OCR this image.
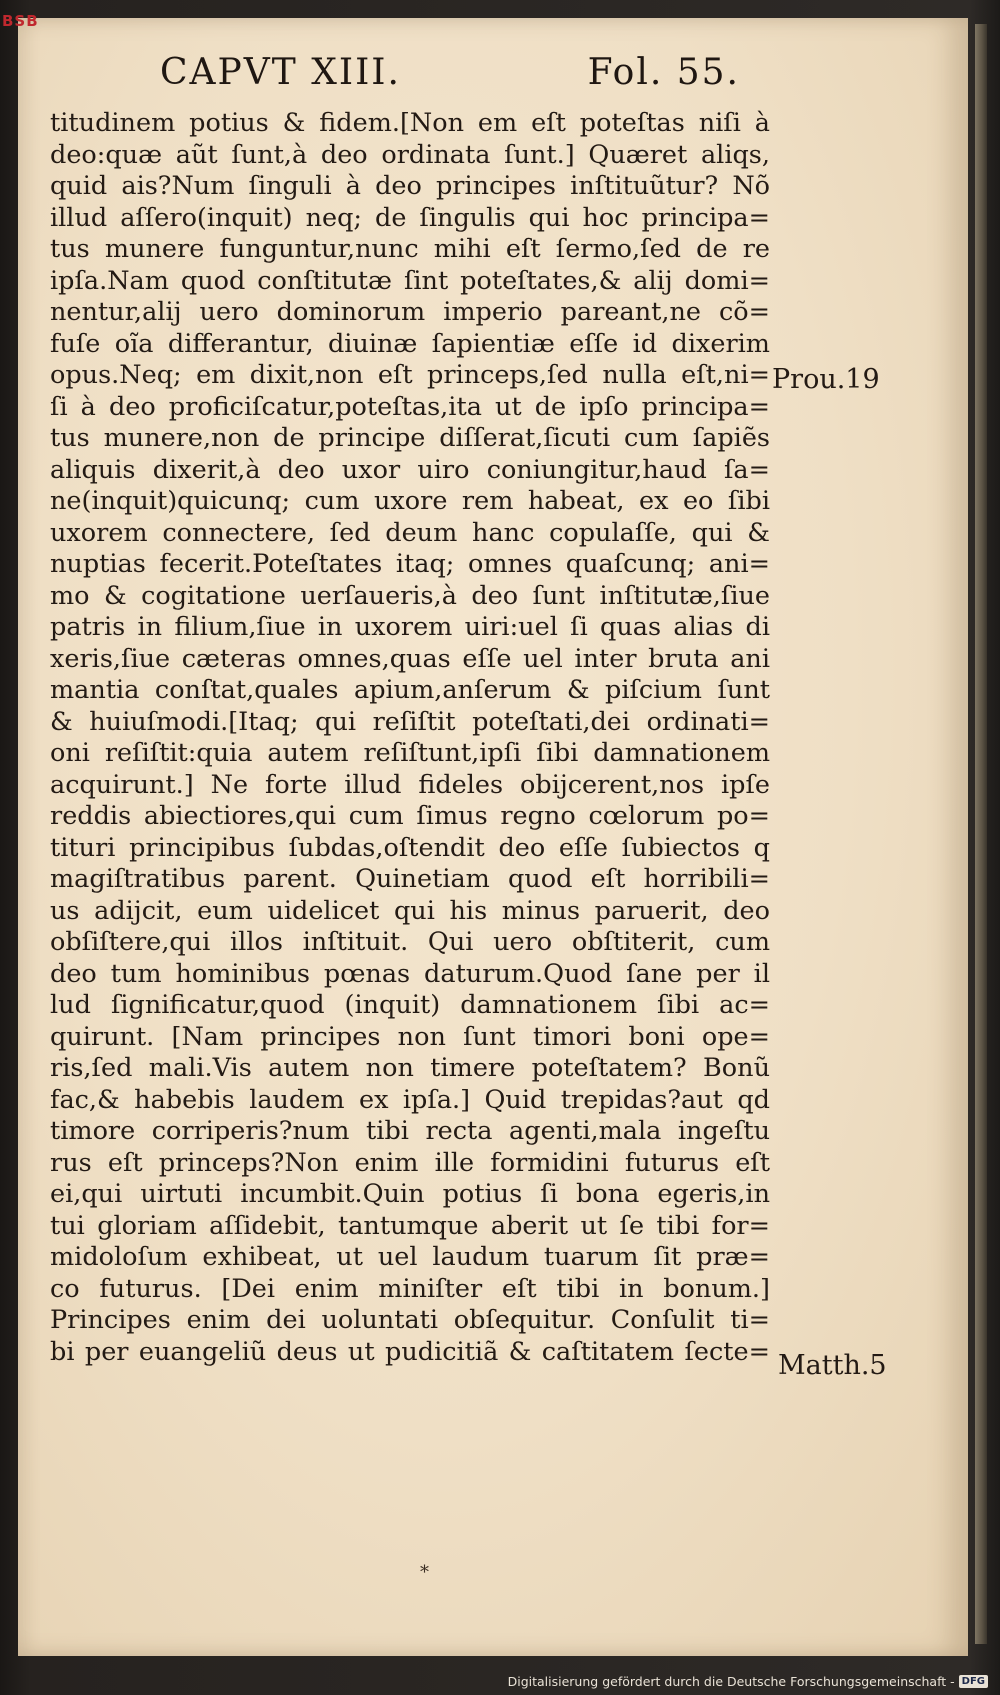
BSB
CAPVT XIII.	Fol. 55.
titudinem potius & fidem.[Non em eſt poteſtas niſi à
deo:quæ aũt ſunt,à deo ordinata ſunt.] Quæret aliqs,
quid ais?Num ſinguli à deo principes inſtituũtur? Nõ
illud aſſero(inquit) neq; de ſingulis qui hoc principa=
tus munere funguntur,nunc mihi eſt ſermo,ſed de re
ipſa.Nam quod conſtitutæ ſint poteſtates,& alij domi=
nentur,alij uero dominorum imperio pareant,ne cõ=
fuſe oĩa differantur, diuinæ ſapientiæ eſſe id dixerim
opus.Neq; em dixit,non eſt princeps,ſed nulla eſt,ni=
ſi à deo proficiſcatur,poteſtas,ita ut de ipſo principa=
tus munere,non de principe diſſerat,ſicuti cum ſapiẽs
aliquis dixerit,à deo uxor uiro coniungitur,haud ſa=
ne(inquit)quicunq; cum uxore rem habeat, ex eo ſibi
uxorem connectere, ſed deum hanc copulaſſe, qui &
nuptias fecerit.Poteſtates itaq; omnes quaſcunq; ani=
mo & cogitatione uerſaueris,à deo ſunt inſtitutæ,ſiue
patris in filium,ſiue in uxorem uiri:uel ſi quas alias di
xeris,ſiue cæteras omnes,quas eſſe uel inter bruta ani
mantia conſtat,quales apium,anſerum & piſcium ſunt
& huiuſmodi.[Itaq; qui reſiſtit poteſtati,dei ordinati=
oni reſiſtit:quia autem reſiſtunt,ipſi ſibi damnationem
acquirunt.] Ne forte illud fideles obijcerent,nos ipſe
reddis abiectiores,qui cum ſimus regno cœlorum po=
tituri principibus ſubdas,oſtendit deo eſſe ſubiectos q
magiſtratibus parent. Quinetiam quod eſt horribili=
us adijcit, eum uidelicet qui his minus paruerit, deo
obſiſtere,qui illos inſtituit. Qui uero obſtiterit, cum
deo tum hominibus pœnas daturum.Quod ſane per il
lud ſignificatur,quod (inquit) damnationem ſibi ac=
quirunt. [Nam principes non ſunt timori boni ope=
ris,ſed mali.Vis autem non timere poteſtatem? Bonũ
fac,& habebis laudem ex ipſa.] Quid trepidas?aut qd
timore corriperis?num tibi recta agenti,mala ingeſtu
rus eſt princeps?Non enim ille formidini futurus eſt
ei,qui uirtuti incumbit.Quin potius ſi bona egeris,in
tui gloriam aſſidebit, tantumque aberit ut ſe tibi for=
midoloſum exhibeat, ut uel laudum tuarum ſit præ=
co futurus. [Dei enim miniſter eſt tibi in bonum.]
Principes enim dei uoluntati obſequitur. Conſulit ti=
bi per euangeliũ deus ut pudicitiã & caſtitatem ſecte=
Prou.19
Matth.5
*
Digitalisierung gefördert durch die Deutsche Forschungsgemeinschaft - DFG
